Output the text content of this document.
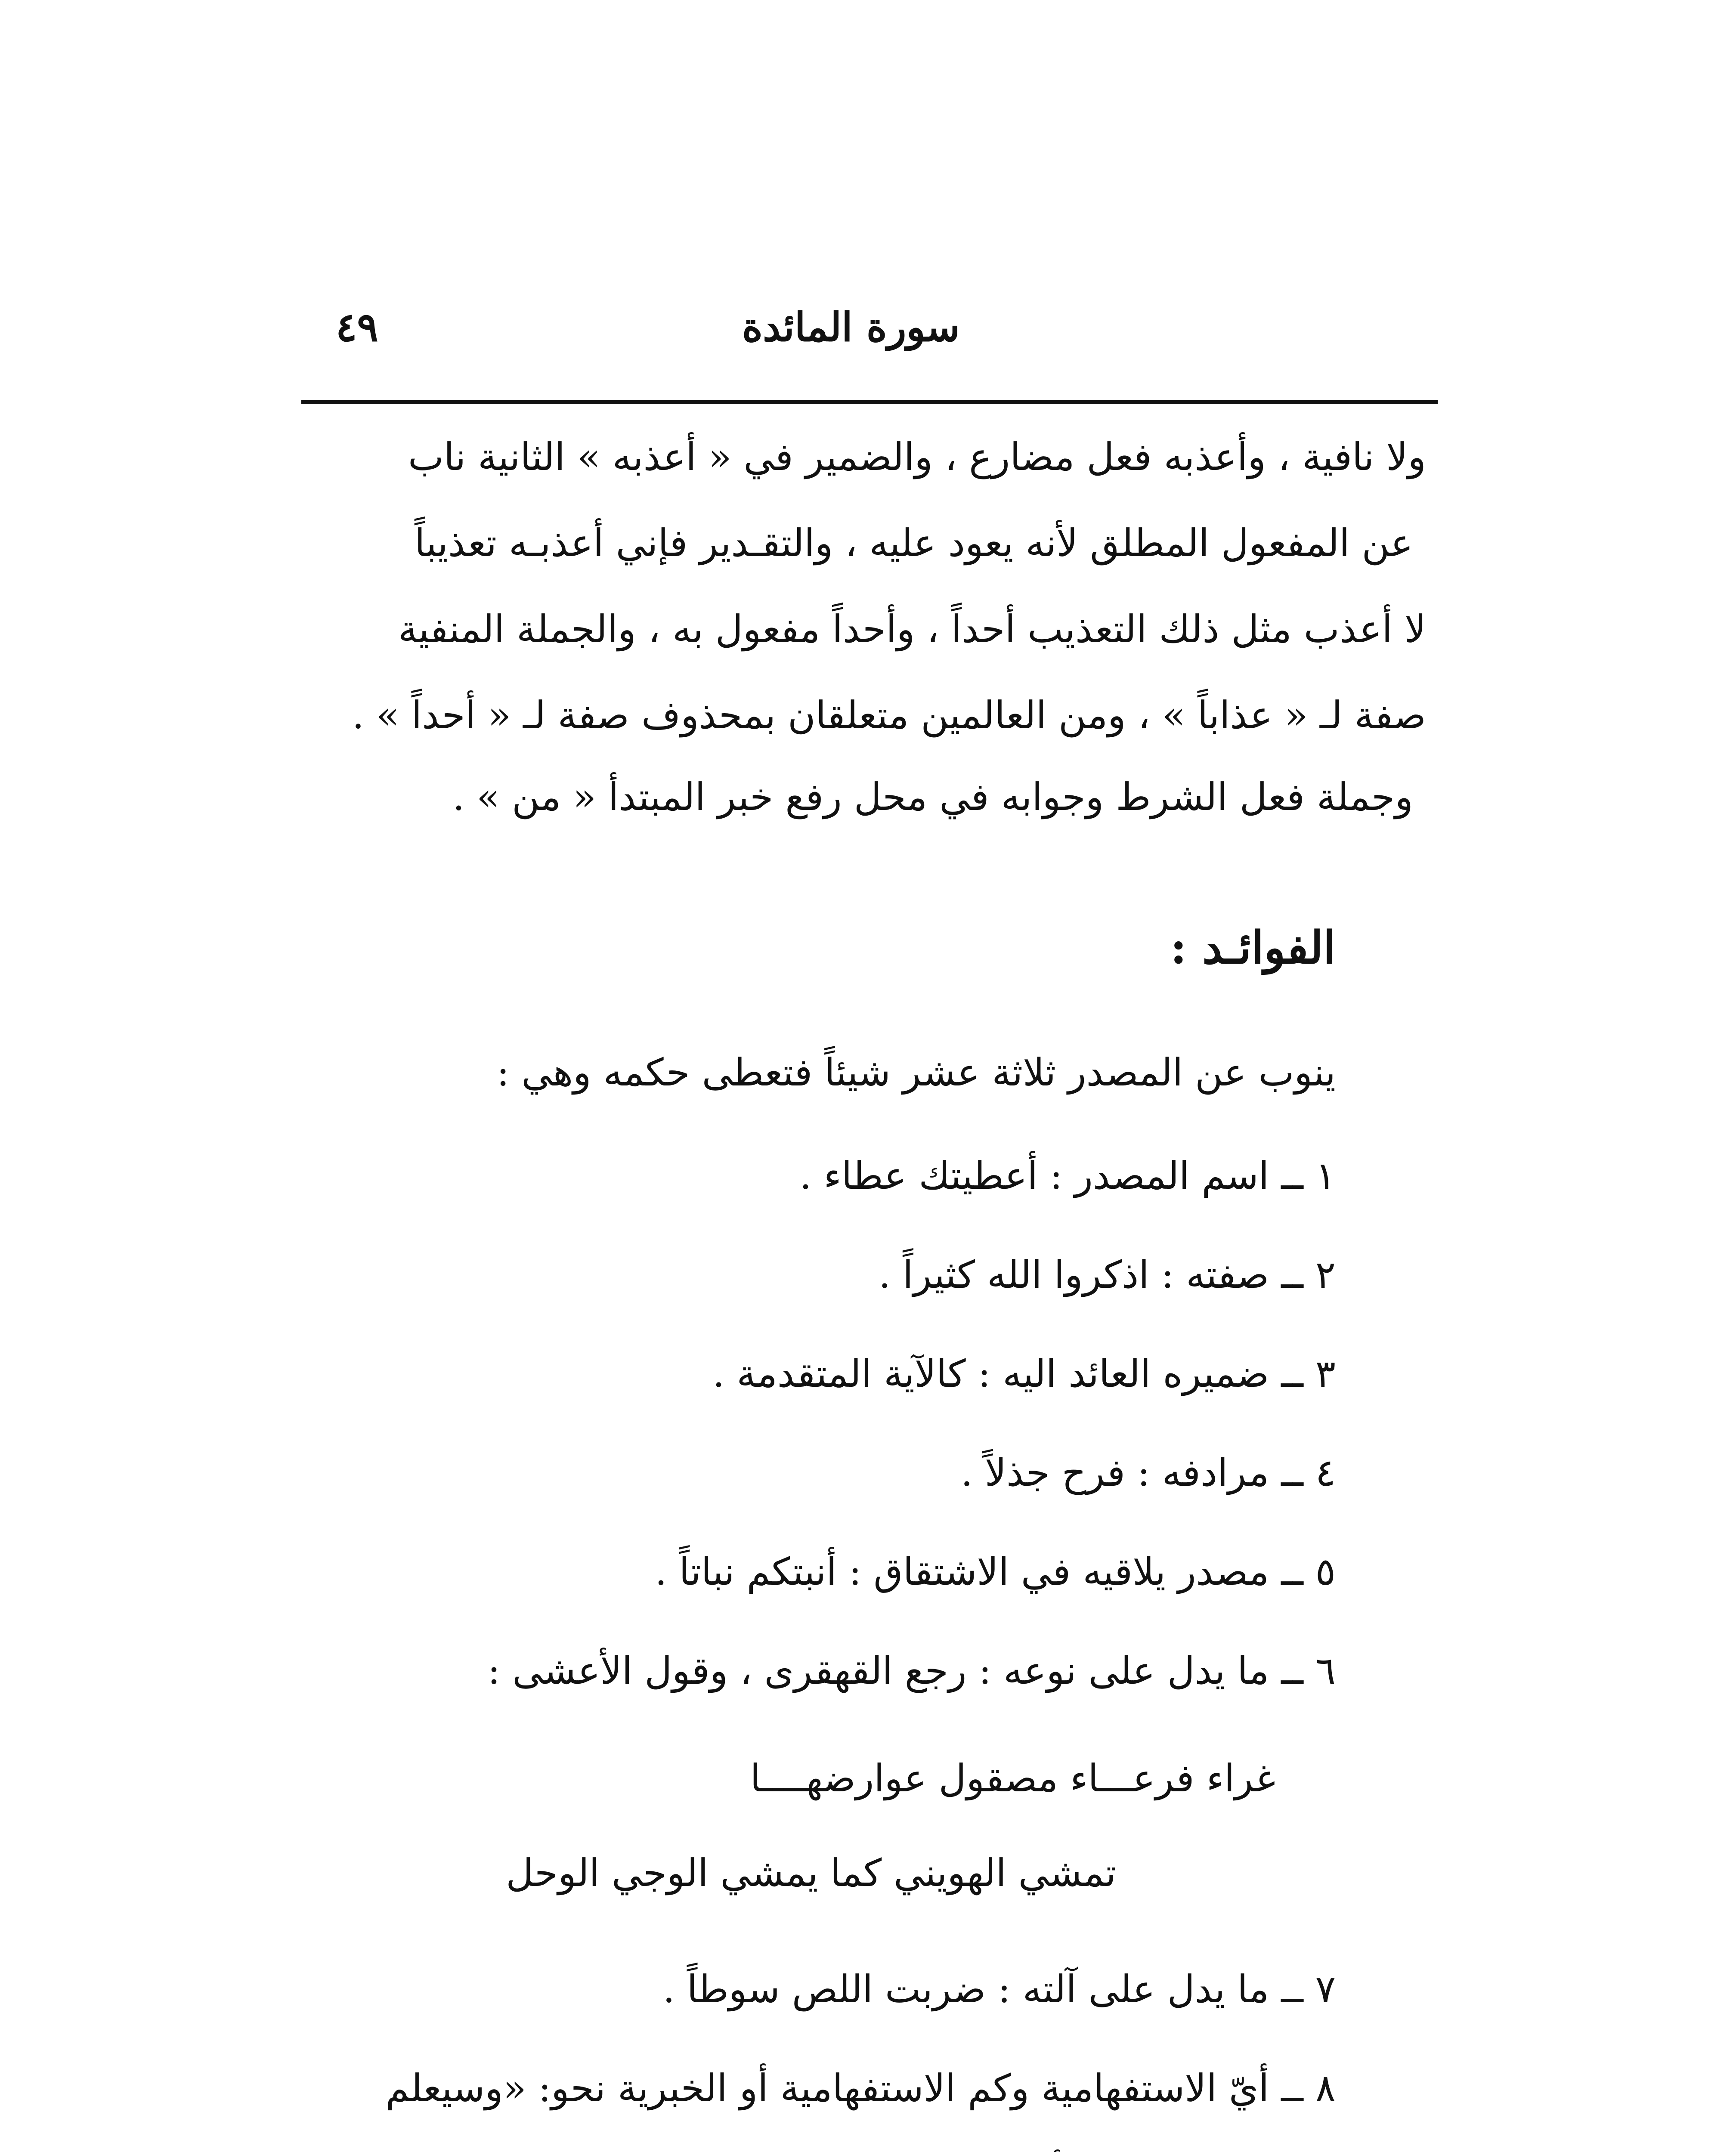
سورة المائدة
٤٩
ولا نافية ، وأعذبه فعل مضارع ، والضمير في « أعذبه » الثانية ناب
عن المفعول المطلق لأنه يعود عليه ، والتقـدير فإني أعذبـه تعذيباً
لا أعذب مثل ذلك التعذيب أحداً ، وأحداً مفعول به ، والجملة المنفية
صفة لـ « عذاباً » ، ومن العالمين متعلقان بمحذوف صفة لـ « أحداً » .
وجملة فعل الشرط وجوابه في محل رفع خبر المبتدأ « من » .
الفوائـد :
ينوب عن المصدر ثلاثة عشر شيئاً فتعطى حكمه وهي :
١ ــ اسم المصدر : أعطيتك عطاء .
٢ ــ صفته : اذكروا الله كثيراً .
٣ ــ ضميره العائد اليه : كالآية المتقدمة .
٤ ــ مرادفه : فرح جذلاً .
٥ ــ مصدر يلاقيه في الاشتقاق : أنبتكم نباتاً .
٦ ــ ما يدل على نوعه : رجع القهقرى ، وقول الأعشى :
غراء فرعـــاء مصقول عوارضهــــا
تمشي الهويني كما يمشي الوجي الوحل
٧ ــ ما يدل على آلته : ضربت اللص سوطاً .
٨ ــ أيّ الاستفهامية وكم الاستفهامية أو الخبرية نحو: «وسيعلم
